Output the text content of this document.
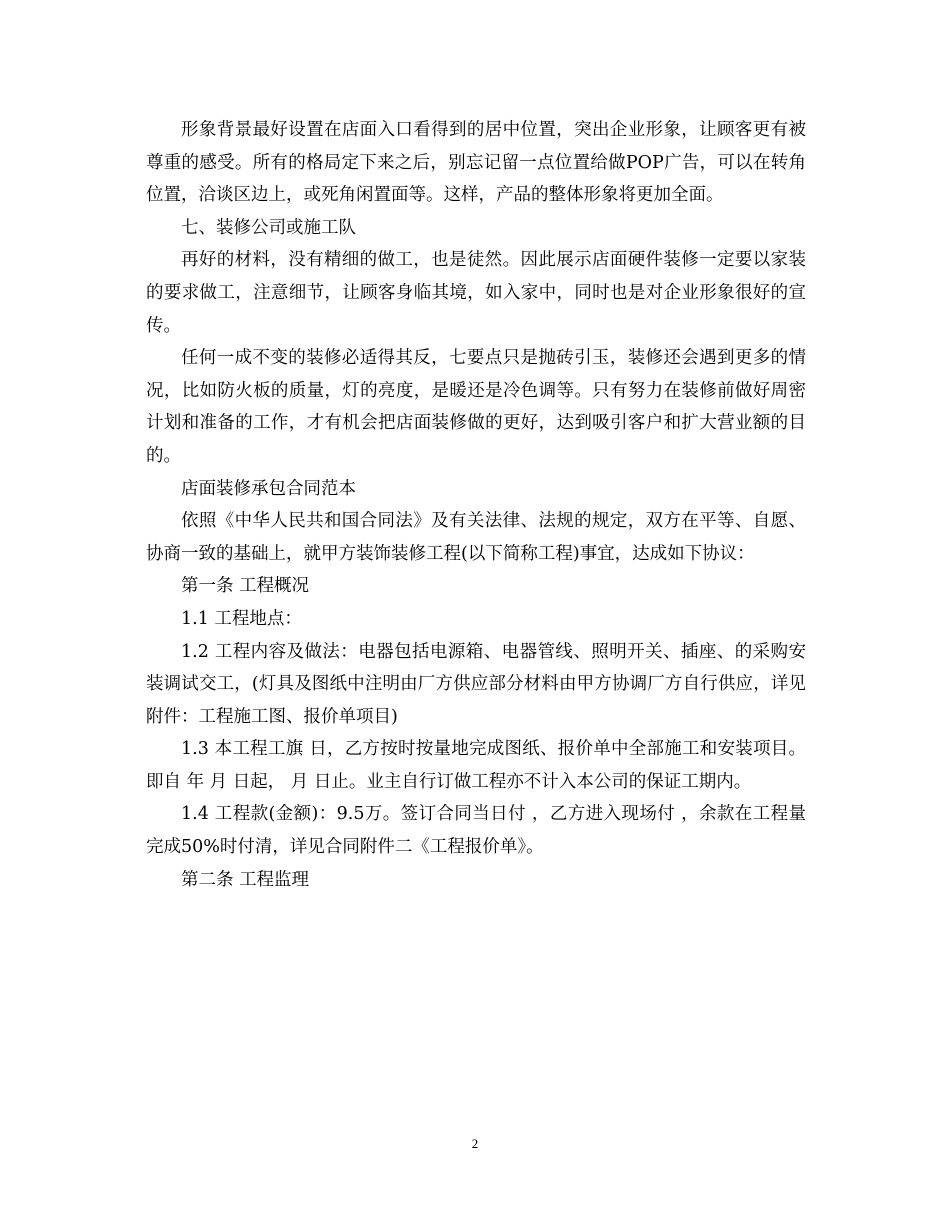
形象背景最好设置在店面入口看得到的居中位置，突出企业形象，让顾客更有被尊重的感受。所有的格局定下来之后，别忘记留一点位置给做POP广告，可以在转角位置，洽谈区边上，或死角闲置面等。这样，产品的整体形象将更加全面。

七、装修公司或施工队

再好的材料，没有精细的做工，也是徒然。因此展示店面硬件装修一定要以家装的要求做工，注意细节，让顾客身临其境，如入家中，同时也是对企业形象很好的宣传。

任何一成不变的装修必适得其反，七要点只是抛砖引玉，装修还会遇到更多的情况，比如防火板的质量，灯的亮度，是暖还是冷色调等。只有努力在装修前做好周密计划和准备的工作，才有机会把店面装修做的更好，达到吸引客户和扩大营业额的目的。

店面装修承包合同范本

依照《中华人民共和国合同法》及有关法律、法规的规定，双方在平等、自愿、协商一致的基础上，就甲方装饰装修工程(以下简称工程)事宜，达成如下协议：

第一条 工程概况

1.1 工程地点：

1.2 工程内容及做法：电器包括电源箱、电器管线、照明开关、插座、的采购安装调试交工，(灯具及图纸中注明由厂方供应部分材料由甲方协调厂方自行供应，详见附件：工程施工图、报价单项目)

1.3 本工程工旗 日，乙方按时按量地完成图纸、报价单中全部施工和安装项目。即自 年 月 日起， 月 日止。业主自行订做工程亦不计入本公司的保证工期内。

1.4 工程款(金额)：9.5万。签订合同当日付 ，乙方进入现场付 ，余款在工程量完成50%时付清，详见合同附件二《工程报价单》。

第二条 工程监理

2
